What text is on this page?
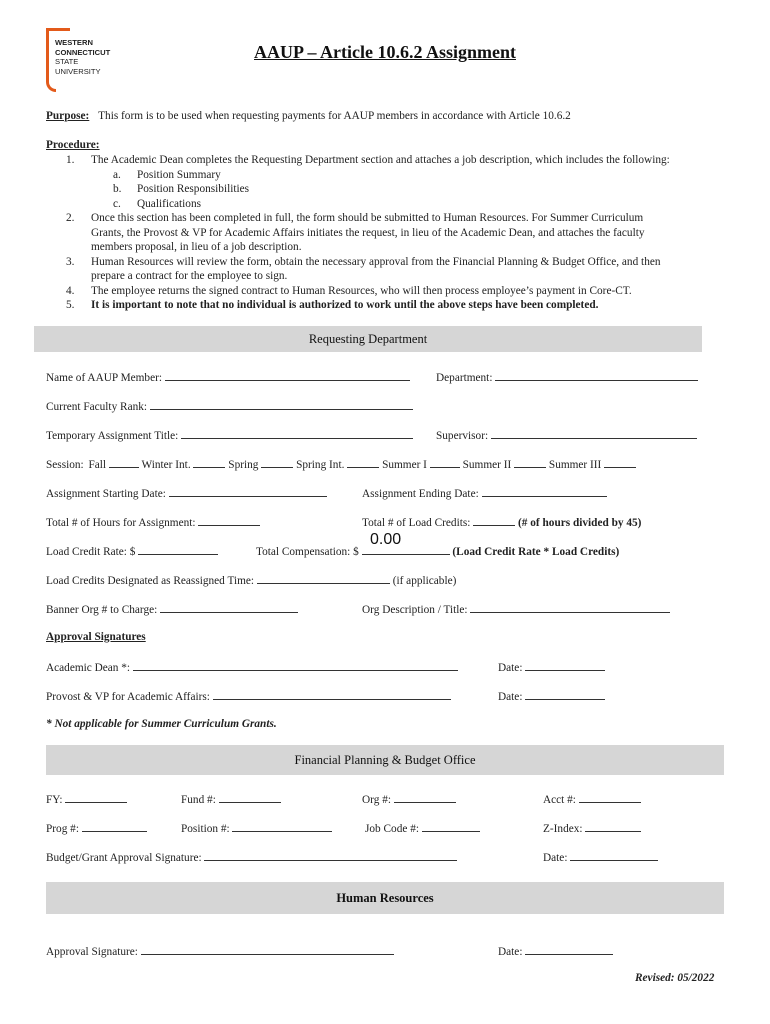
WESTERN
CONNECTICUT
STATE
UNIVERSITY
AAUP – Article 10.6.2 Assignment
Purpose: This form is to be used when requesting payments for AAUP members in accordance with Article 10.6.2
Procedure:
1. The Academic Dean completes the Requesting Department section and attaches a job description, which includes the following:
a. Position Summary
b. Position Responsibilities
c. Qualifications
2. Once this section has been completed in full, the form should be submitted to Human Resources. For Summer Curriculum
Grants, the Provost & VP for Academic Affairs initiates the request, in lieu of the Academic Dean, and attaches the faculty
members proposal, in lieu of a job description.
3. Human Resources will review the form, obtain the necessary approval from the Financial Planning & Budget Office, and then
prepare a contract for the employee to sign.
4. The employee returns the signed contract to Human Resources, who will then process employee’s payment in Core-CT.
5. It is important to note that no individual is authorized to work until the above steps have been completed.
Requesting Department
Name of AAUP Member:	Department:
Current Faculty Rank:
Temporary Assignment Title:	Supervisor:
Session: Fall	Winter Int.	Spring	Spring Int.	Summer I	Summer II	Summer III
Assignment Starting Date:	Assignment Ending Date:
Total # of Hours for Assignment:	Total # of Load Credits:	(# of hours divided by 45)
Load Credit Rate: $	Total Compensation: $	(Load Credit Rate * Load Credits)
0.00
Load Credits Designated as Reassigned Time:	(if applicable)
Banner Org # to Charge:	Org Description / Title:
Approval Signatures
Academic Dean *:	Date:
Provost & VP for Academic Affairs:	Date:
* Not applicable for Summer Curriculum Grants.
Financial Planning & Budget Office
FY:	Fund #:	Org #:	Acct #:
Prog #:	Position #:	Job Code #:	Z-Index:
Budget/Grant Approval Signature:	Date:
Human Resources
Approval Signature:	Date:
Revised: 05/2022
